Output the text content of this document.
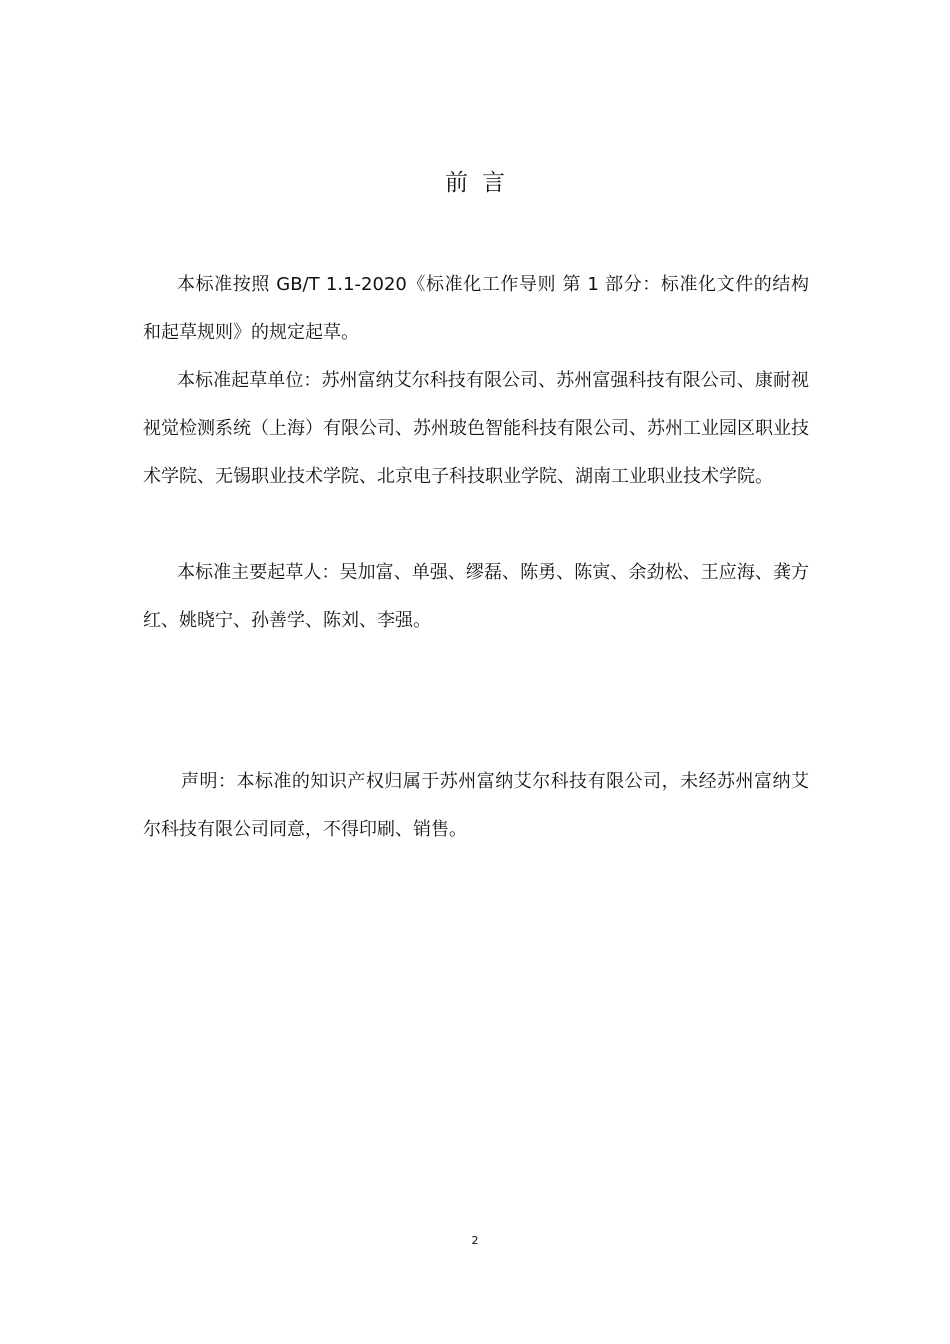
前言
本标准按照 GB/T 1.1-2020《标准化工作导则 第 1 部分：标准化文件的结构和起草规则》的规定起草。
本标准起草单位：苏州富纳艾尔科技有限公司、苏州富强科技有限公司、康耐视视觉检测系统（上海）有限公司、苏州玻色智能科技有限公司、苏州工业园区职业技术学院、无锡职业技术学院、北京电子科技职业学院、湖南工业职业技术学院。
本标准主要起草人：吴加富、单强、缪磊、陈勇、陈寅、余劲松、王应海、龚方红、姚晓宁、孙善学、陈刘、李强。
声明：本标准的知识产权归属于苏州富纳艾尔科技有限公司，未经苏州富纳艾尔科技有限公司同意，不得印刷、销售。
2
